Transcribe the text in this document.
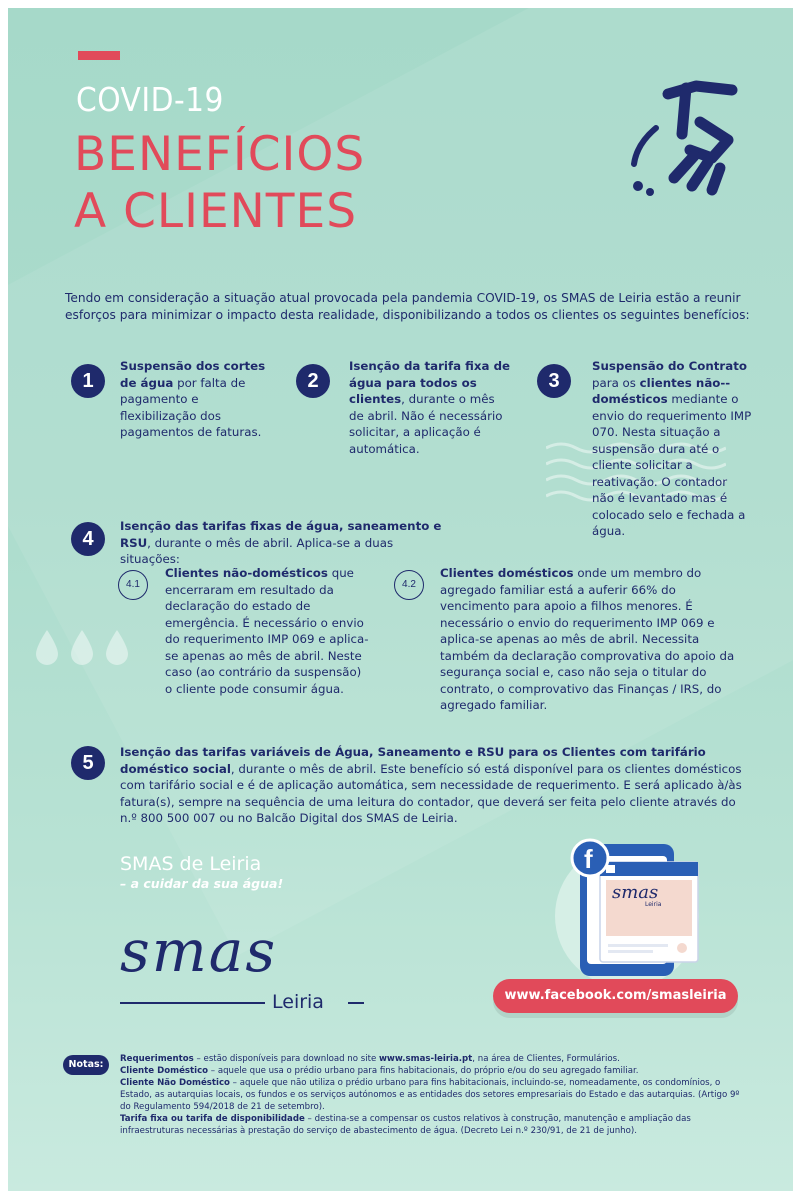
COVID-19
BENEFÍCIOS
A CLIENTES
Tendo em consideração a situação atual provocada pela pandemia COVID-19, os SMAS de Leiria estão a reunir esforços para minimizar o impacto desta realidade, disponibilizando a todos os clientes os seguintes benefícios:
1
Suspensão dos cortes de água por falta de pagamento e flexibilização dos pagamentos de faturas.
2
Isenção da tarifa fixa de água para todos os clientes, durante o mês de abril. Não é necessário solicitar, a aplicação é automática.
3
Suspensão do Contrato para os clientes não--domésticos mediante o envio do requerimento IMP 070. Nesta situação a suspensão dura até o cliente solicitar a reativação. O contador não é levantado mas é colocado selo e fechada a água.
4
Isenção das tarifas fixas de água, saneamento e RSU, durante o mês de abril. Aplica-se a duas situações:
4.1
Clientes não-domésticos que encerraram em resultado da declaração do estado de emergência. É necessário o envio do requerimento IMP 069 e aplica-se apenas ao mês de abril. Neste caso (ao contrário da suspensão) o cliente pode consumir água.
4.2
Clientes domésticos onde um membro do agregado familiar está a auferir 66% do vencimento para apoio a filhos menores. É necessário o envio do requerimento IMP 069 e aplica-se apenas ao mês de abril. Necessita também da declaração comprovativa do apoio da segurança social e, caso não seja o titular do contrato, o comprovativo das Finanças / IRS, do agregado familiar.
5	Isenção das tarifas variáveis de Água, Saneamento e RSU para os Clientes com tarifário doméstico social, durante o mês de abril. Este benefício só está disponível para os clientes domésticos com tarifário social e é de aplicação automática, sem necessidade de requerimento. E será aplicado à/às fatura(s), sempre na sequência de uma leitura do contador, que deverá ser feita pelo cliente através do n.º 800 500 007 ou no Balcão Digital dos SMAS de Leiria.
SMAS de Leiria
– a cuidar da sua água!
smas
Leiria
smas
Leiria
f
www.facebook.com/smasleiria
Notas:	Requerimentos – estão disponíveis para download no site www.smas-leiria.pt, na área de Clientes, Formulários.
Cliente Doméstico – aquele que usa o prédio urbano para fins habitacionais, do próprio e/ou do seu agregado familiar.
Cliente Não Doméstico – aquele que não utiliza o prédio urbano para fins habitacionais, incluindo-se, nomeadamente, os condomínios, o Estado, as autarquias locais, os fundos e os serviços autónomos e as entidades dos setores empresariais do Estado e das autarquias. (Artigo 9º do Regulamento 594/2018 de 21 de setembro).
Tarifa fixa ou tarifa de disponibilidade – destina-se a compensar os custos relativos à construção, manutenção e ampliação das infraestruturas necessárias à prestação do serviço de abastecimento de água. (Decreto Lei n.º 230/91, de 21 de junho).
